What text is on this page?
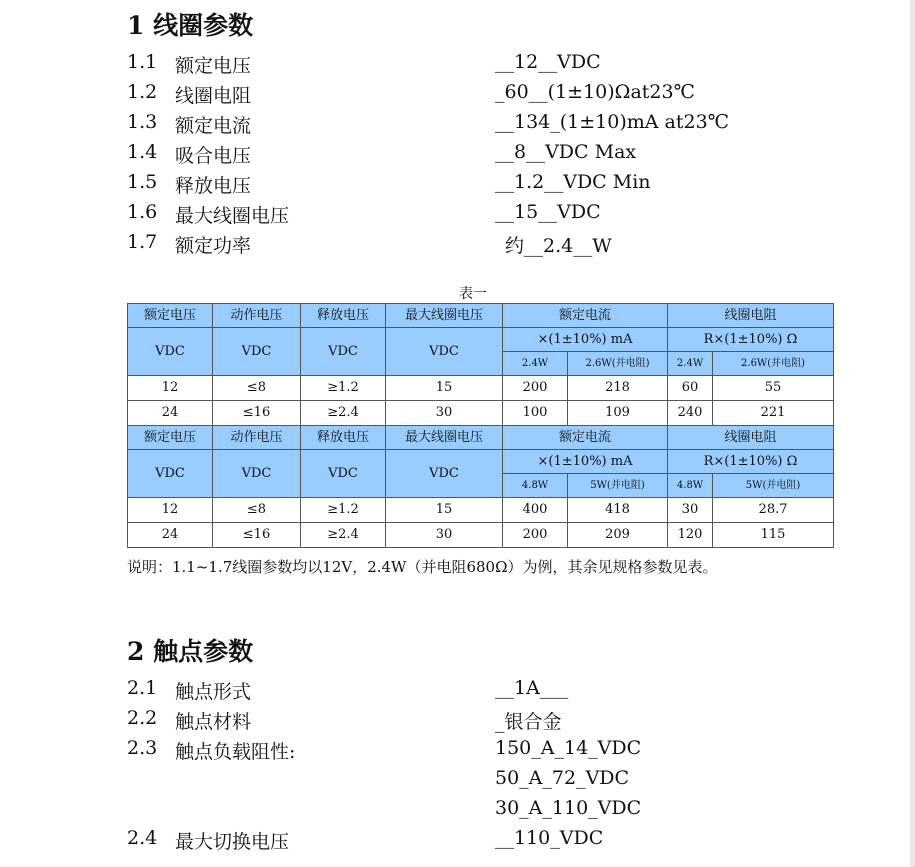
1 线圈参数
1.1 额定电压	__12__VDC
1.2 线圈电阻	_60__(1±10)Ωat23℃
1.3 额定电流	__134_(1±10)mA at23℃
1.4 吸合电压	__8__VDC Max
1.5 释放电压	__1.2__VDC Min
1.6 最大线圈电压	__15__VDC
1.7 额定功率	约__2.4__W
表一
额定电压	动作电压	释放电压	最大线圈电压	额定电流		线圈电阻	
VDC	VDC	VDC	VDC	×(1±10%) mA		R×(1±10%) Ω	
				2.4W	2.6W(并电阻)	2.4W	2.6W(并电阻)
12	≤8	≥1.2	15	200	218	60	55
24	≤16	≥2.4	30	100	109	240	221
额定电压	动作电压	释放电压	最大线圈电压	额定电流		线圈电阻	
VDC	VDC	VDC	VDC	×(1±10%) mA		R×(1±10%) Ω	
				4.8W	5W(并电阻)	4.8W	5W(并电阻)
12	≤8	≥1.2	15	400	418	30	28.7
24	≤16	≥2.4	30	200	209	120	115
说明：1.1~1.7线圈参数均以12V，2.4W（并电阻680Ω）为例，其余见规格参数见表。
2 触点参数
2.1 触点形式	__1A___
2.2 触点材料	_银合金
2.3 触点负载阻性:	150_A_14_VDC
50_A_72_VDC
30_A_110_VDC
2.4 最大切换电压	__110_VDC
